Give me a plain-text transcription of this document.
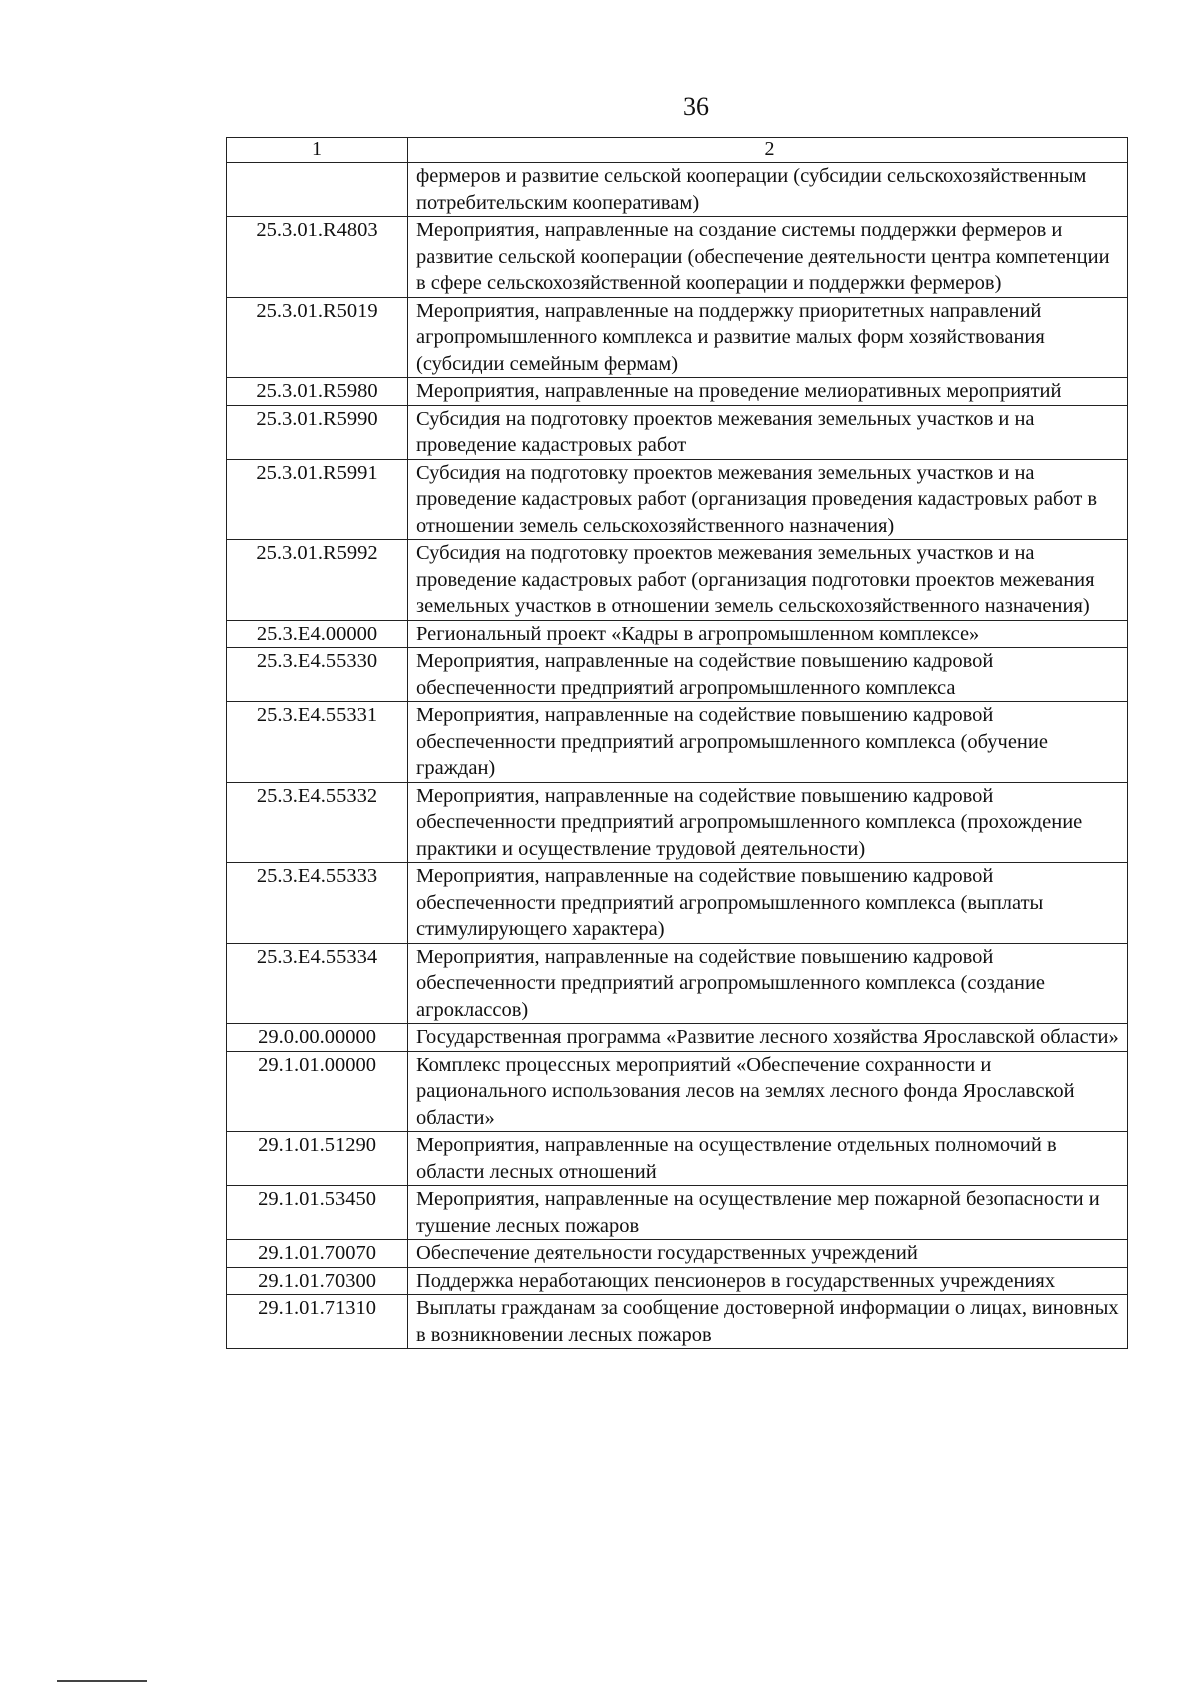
36
1	2
	фермеров и развитие сельской кооперации (субсидии сельскохозяйственным потребительским кооперативам)
25.3.01.R4803	Мероприятия, направленные на создание системы поддержки фермеров и развитие сельской кооперации (обеспечение деятельности центра компетенции в сфере сельскохозяйственной кооперации и поддержки фермеров)
25.3.01.R5019	Мероприятия, направленные на поддержку приоритетных направлений агропромышленного комплекса и развитие малых форм хозяйствования (субсидии семейным фермам)
25.3.01.R5980	Мероприятия, направленные на проведение мелиоративных мероприятий
25.3.01.R5990	Субсидия на подготовку проектов межевания земельных участков и на проведение кадастровых работ
25.3.01.R5991	Субсидия на подготовку проектов межевания земельных участков и на проведение кадастровых работ (организация проведения кадастровых работ в отношении земель сельскохозяйственного назначения)
25.3.01.R5992	Субсидия на подготовку проектов межевания земельных участков и на проведение кадастровых работ (организация подготовки проектов межевания земельных участков в отношении земель сельскохозяйственного назначения)
25.3.E4.00000	Региональный проект «Кадры в агропромышленном комплексе»
25.3.E4.55330	Мероприятия, направленные на содействие повышению кадровой обеспеченности предприятий агропромышленного комплекса
25.3.E4.55331	Мероприятия, направленные на содействие повышению кадровой обеспеченности предприятий агропромышленного комплекса (обучение граждан)
25.3.E4.55332	Мероприятия, направленные на содействие повышению кадровой обеспеченности предприятий агропромышленного комплекса (прохождение практики и осуществление трудовой деятельности)
25.3.E4.55333	Мероприятия, направленные на содействие повышению кадровой обеспеченности предприятий агропромышленного комплекса (выплаты стимулирующего характера)
25.3.E4.55334	Мероприятия, направленные на содействие повышению кадровой обеспеченности предприятий агропромышленного комплекса (создание агроклассов)
29.0.00.00000	Государственная программа «Развитие лесного хозяйства Ярославской области»
29.1.01.00000	Комплекс процессных мероприятий «Обеспечение сохранности и рационального использования лесов на землях лесного фонда Ярославской области»
29.1.01.51290	Мероприятия, направленные на осуществление отдельных полномочий в области лесных отношений
29.1.01.53450	Мероприятия, направленные на осуществление мер пожарной безопасности и тушение лесных пожаров
29.1.01.70070	Обеспечение деятельности государственных учреждений
29.1.01.70300	Поддержка неработающих пенсионеров в государственных учреждениях
29.1.01.71310	Выплаты гражданам за сообщение достоверной информации о лицах, виновных в возникновении лесных пожаров
